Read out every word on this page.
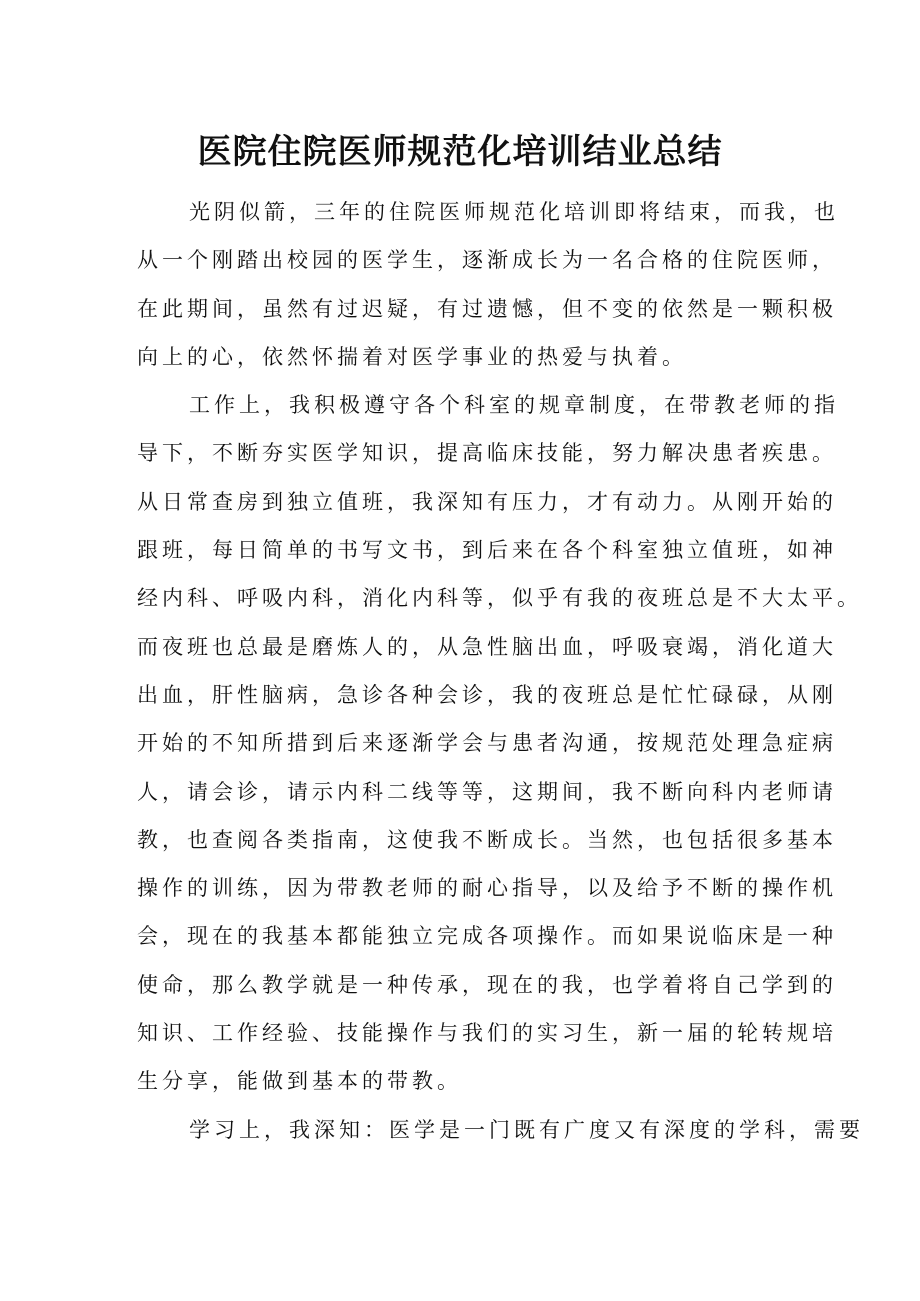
医院住院医师规范化培训结业总结

光阴似箭，三年的住院医师规范化培训即将结束，而我，也
从一个刚踏出校园的医学生，逐渐成长为一名合格的住院医师，
在此期间，虽然有过迟疑，有过遗憾，但不变的依然是一颗积极
向上的心，依然怀揣着对医学事业的热爱与执着。

工作上，我积极遵守各个科室的规章制度，在带教老师的指
导下，不断夯实医学知识，提高临床技能，努力解决患者疾患。
从日常查房到独立值班，我深知有压力，才有动力。从刚开始的
跟班，每日简单的书写文书，到后来在各个科室独立值班，如神
经内科、呼吸内科，消化内科等，似乎有我的夜班总是不大太平。
而夜班也总最是磨炼人的，从急性脑出血，呼吸衰竭，消化道大
出血，肝性脑病，急诊各种会诊，我的夜班总是忙忙碌碌，从刚
开始的不知所措到后来逐渐学会与患者沟通，按规范处理急症病
人，请会诊，请示内科二线等等，这期间，我不断向科内老师请
教，也查阅各类指南，这使我不断成长。当然，也包括很多基本
操作的训练，因为带教老师的耐心指导，以及给予不断的操作机
会，现在的我基本都能独立完成各项操作。而如果说临床是一种
使命，那么教学就是一种传承，现在的我，也学着将自己学到的
知识、工作经验、技能操作与我们的实习生，新一届的轮转规培
生分享，能做到基本的带教。

学习上，我深知：医学是一门既有广度又有深度的学科，需要
